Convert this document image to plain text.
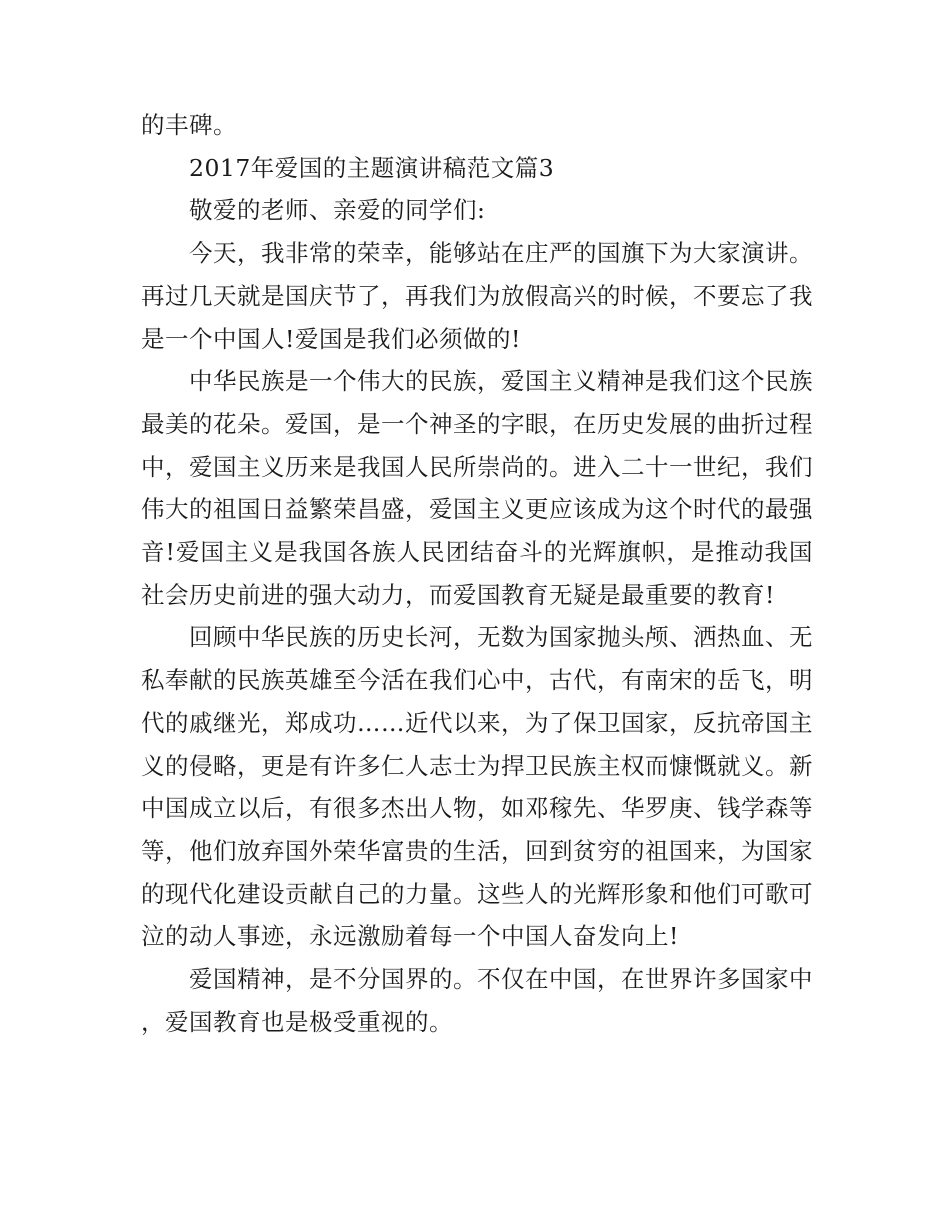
的丰碑。

2017年爱国的主题演讲稿范文篇3

敬爱的老师、亲爱的同学们:

今天，我非常的荣幸，能够站在庄严的国旗下为大家演讲。再过几天就是国庆节了，再我们为放假高兴的时候，不要忘了我是一个中国人!爱国是我们必须做的!

中华民族是一个伟大的民族，爱国主义精神是我们这个民族最美的花朵。爱国，是一个神圣的字眼，在历史发展的曲折过程中，爱国主义历来是我国人民所崇尚的。进入二十一世纪，我们伟大的祖国日益繁荣昌盛，爱国主义更应该成为这个时代的最强音!爱国主义是我国各族人民团结奋斗的光辉旗帜，是推动我国社会历史前进的强大动力，而爱国教育无疑是最重要的教育!

回顾中华民族的历史长河，无数为国家抛头颅、洒热血、无私奉献的民族英雄至今活在我们心中，古代，有南宋的岳飞，明代的戚继光，郑成功……近代以来，为了保卫国家，反抗帝国主义的侵略，更是有许多仁人志士为捍卫民族主权而慷慨就义。新中国成立以后，有很多杰出人物，如邓稼先、华罗庚、钱学森等等，他们放弃国外荣华富贵的生活，回到贫穷的祖国来，为国家的现代化建设贡献自己的力量。这些人的光辉形象和他们可歌可泣的动人事迹，永远激励着每一个中国人奋发向上!

爱国精神，是不分国界的。不仅在中国，在世界许多国家中，爱国教育也是极受重视的。
